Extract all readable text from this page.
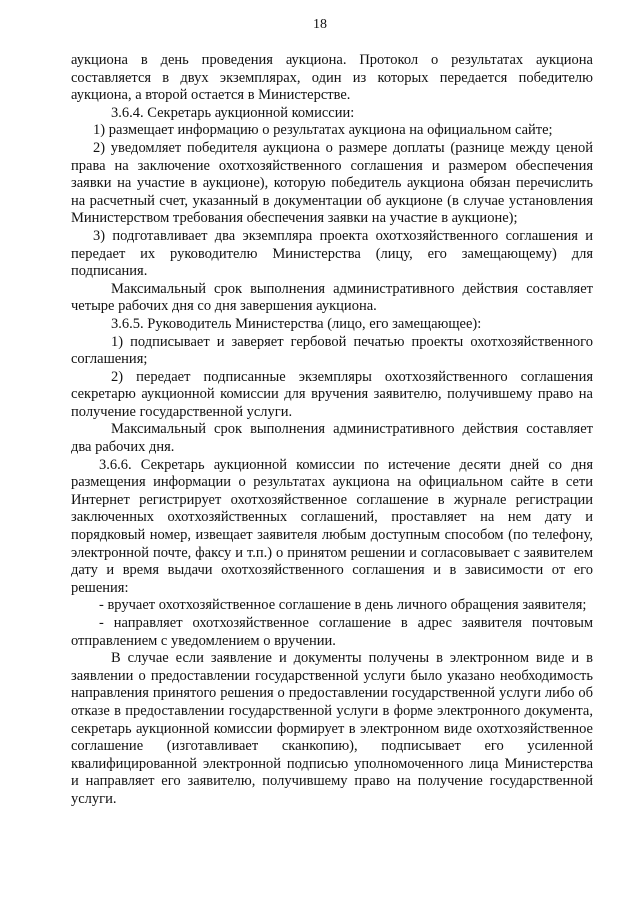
18

аукциона в день проведения аукциона. Протокол о результатах аукциона составляется в двух экземплярах, один из которых передается победителю аукциона, а второй остается в Министерстве.

3.6.4. Секретарь аукционной комиссии:

1) размещает информацию о результатах аукциона на официальном сайте;

2) уведомляет победителя аукциона о размере доплаты (разнице между ценой права на заключение охотхозяйственного соглашения и размером обеспечения заявки на участие в аукционе), которую победитель аукциона обязан перечислить на расчетный счет, указанный в документации об аукционе (в случае установления Министерством требования обеспечения заявки на участие в аукционе);

3) подготавливает два экземпляра проекта охотхозяйственного соглашения и передает их руководителю Министерства (лицу, его замещающему) для подписания.

Максимальный срок выполнения административного действия составляет четыре рабочих дня со дня завершения аукциона.

3.6.5. Руководитель Министерства (лицо, его замещающее):

1) подписывает и заверяет гербовой печатью проекты охотхозяйственного соглашения;

2) передает подписанные экземпляры охотхозяйственного соглашения секретарю аукционной комиссии для вручения заявителю, получившему право на получение государственной услуги.

Максимальный срок выполнения административного действия составляет два рабочих дня.

3.6.6. Секретарь аукционной комиссии по истечение десяти дней со дня размещения информации о результатах аукциона на официальном сайте в сети Интернет регистрирует охотхозяйственное соглашение в журнале регистрации заключенных охотхозяйственных соглашений, проставляет на нем дату и порядковый номер, извещает заявителя любым доступным способом (по телефону, электронной почте, факсу и т.п.) о принятом решении и согласовывает с заявителем дату и время выдачи охотхозяйственного соглашения и в зависимости от его решения:

- вручает охотхозяйственное соглашение в день личного обращения заявителя;

- направляет охотхозяйственное соглашение в адрес заявителя почтовым отправлением с уведомлением о вручении.

В случае если заявление и документы получены в электронном виде и в заявлении о предоставлении государственной услуги было указано необходимость направления принятого решения о предоставлении государственной услуги либо об отказе в предоставлении государственной услуги в форме электронного документа, секретарь аукционной комиссии формирует в электронном виде охотхозяйственное соглашение (изготавливает сканкопию), подписывает его усиленной квалифицированной электронной подписью уполномоченного лица Министерства и направляет его заявителю, получившему право на получение государственной услуги.
